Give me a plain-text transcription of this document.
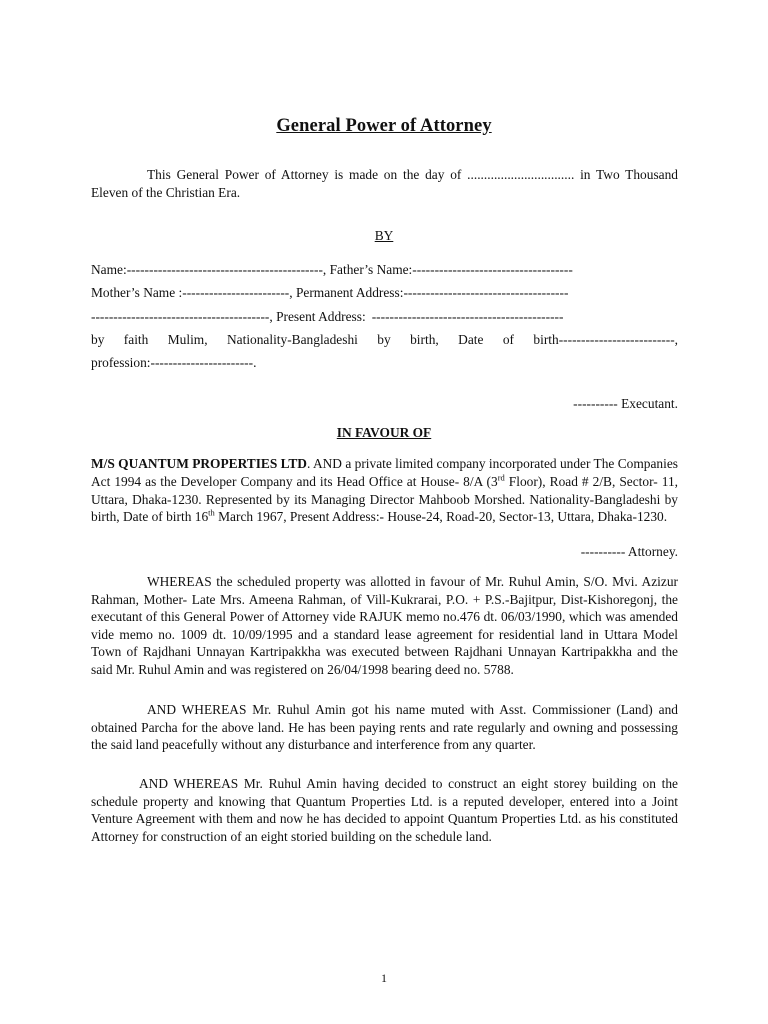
General Power of Attorney
This General Power of Attorney is made on the day of ................................ in Two Thousand Eleven of the Christian Era.
BY
Name:--------------------------------------------, Father’s Name: ------------------------------------
Mother’s Name :------------------------, Permanent Address: -------------------------------------
----------------------------------------, Present Address: -------------------------------------------
by faith Mulim, Nationality-Bangladeshi by birth, Date of birth--------------------------,
profession:-----------------------.
---------- Executant.
IN FAVOUR OF
M/S QUANTUM PROPERTIES LTD. AND a private limited company incorporated under The Companies Act 1994 as the Developer Company and its Head Office at House- 8/A (3rd Floor), Road # 2/B, Sector- 11, Uttara, Dhaka-1230. Represented by its Managing Director Mahboob Morshed. Nationality-Bangladeshi by birth, Date of birth 16th March 1967, Present Address:- House-24, Road-20, Sector-13, Uttara, Dhaka-1230.
---------- Attorney.
WHEREAS the scheduled property was allotted in favour of Mr. Ruhul Amin, S/O. Mvi. Azizur Rahman, Mother- Late Mrs. Ameena Rahman, of Vill-Kukrarai, P.O. + P.S.-Bajitpur, Dist-Kishoregonj, the executant of this General Power of Attorney vide RAJUK memo no.476 dt. 06/03/1990, which was amended vide memo no. 1009 dt. 10/09/1995 and a standard lease agreement for residential land in Uttara Model Town of Rajdhani Unnayan Kartripakkha was executed between Rajdhani Unnayan Kartripakkha and the said Mr. Ruhul Amin and was registered on 26/04/1998 bearing deed no. 5788.
AND WHEREAS Mr. Ruhul Amin got his name muted with Asst. Commissioner (Land) and obtained Parcha for the above land. He has been paying rents and rate regularly and owning and possessing the said land peacefully without any disturbance and interference from any quarter.
AND WHEREAS Mr. Ruhul Amin having decided to construct an eight storey building on the schedule property and knowing that Quantum Properties Ltd. is a reputed developer, entered into a Joint Venture Agreement with them and now he has decided to appoint Quantum Properties Ltd. as his constituted Attorney for construction of an eight storied building on the schedule land.
1
